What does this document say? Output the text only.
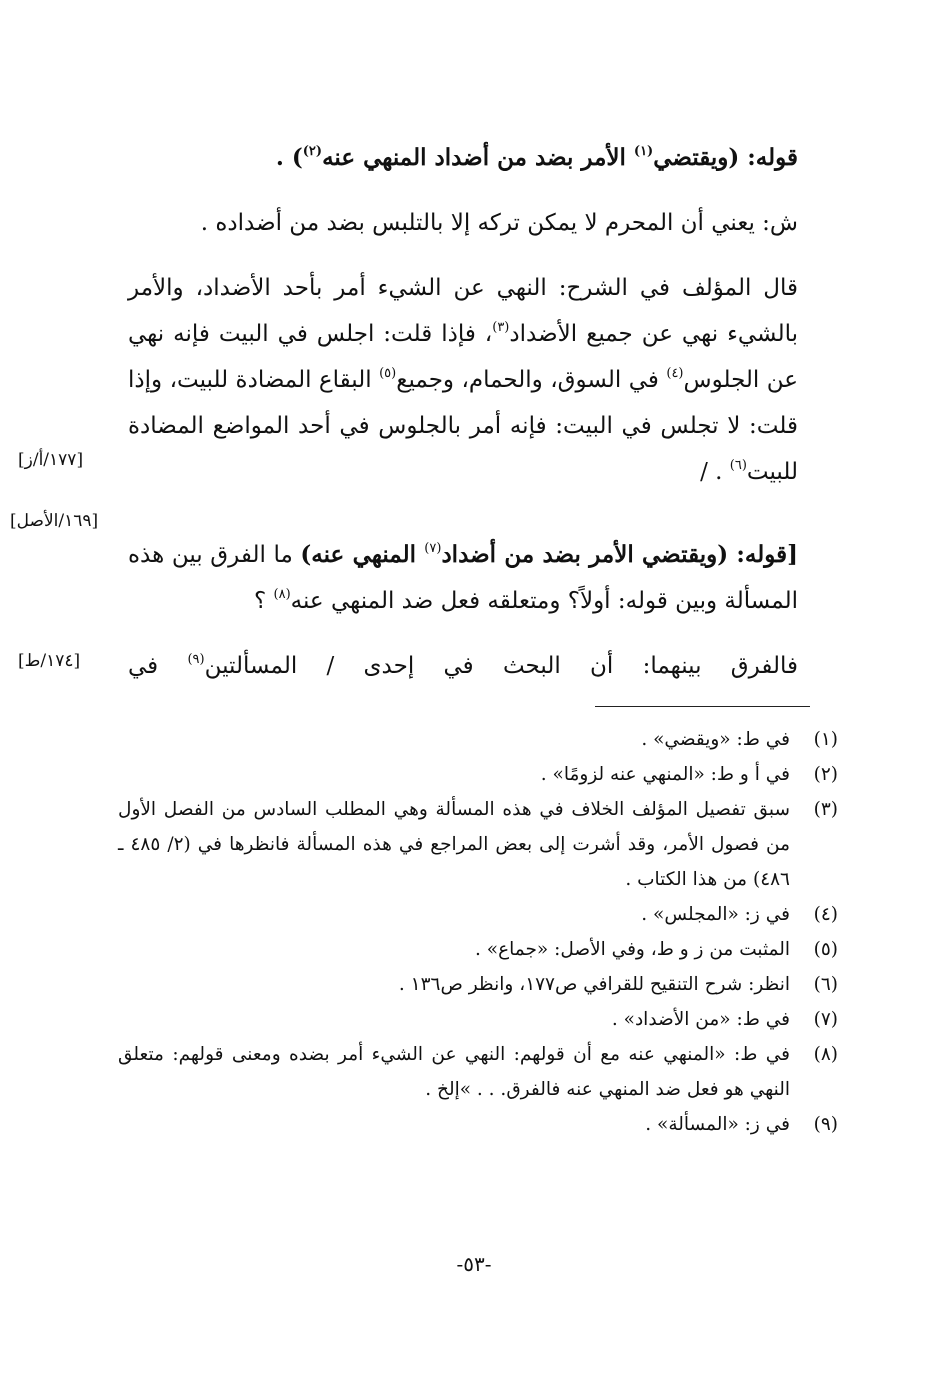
قوله: (ويقتضي$^{(١)}$ الأمر بضد من أضداد المنهي عنه$^{(٢)}$) .
ش: يعني أن المحرم لا يمكن تركه إلا بالتلبس بضد من أضداده .
قال المؤلف في الشرح: النهي عن الشيء أمر بأحد الأضداد، والأمر بالشيء نهي عن جميع الأضداد$^{(٣)}$، فإذا قلت: اجلس في البيت فإنه نهي عن الجلوس$^{(٤)}$ في السوق، والحمام، وجميع$^{(٥)}$ البقاع المضادة للبيت، وإذا قلت: لا تجلس في البيت: فإنه أمر بالجلوس في أحد المواضع المضادة للبيت$^{(٦)}$ . /
[قوله: (ويقتضي الأمر بضد من أضداد$^{(٧)}$ المنهي عنه) ما الفرق بين هذه المسألة وبين قوله: أولاً؟ ومتعلقه فعل ضد المنهي عنه$^{(٨)}$ ؟
فالفرق بينهما: أن البحث في إحدى / المسألتين$^{(٩)}$ في
[١٧٧/أ/ز]
[١٦٩/الأصل]
[١٧٤/ط]
(١)
في ط: «ويقضي» .
(٢)
في أ و ط: «المنهي عنه لزومًا» .
(٣)
سبق تفصيل المؤلف الخلاف في هذه المسألة وهي المطلب السادس من الفصل الأول من فصول الأمر، وقد أشرت إلى بعض المراجع في هذه المسألة فانظرها في (٢/ ٤٨٥ ـ ٤٨٦) من هذا الكتاب .
(٤)
في ز: «المجلس» .
(٥)
المثبت من ز و ط، وفي الأصل: «جماع» .
(٦)
انظر: شرح التنقيح للقرافي ص١٧٧، وانظر ص١٣٦ .
(٧)
في ط: «من الأضداد» .
(٨)
في ط: «المنهي عنه مع أن قولهم: النهي عن الشيء أمر بضده ومعنى قولهم: متعلق النهي هو فعل ضد المنهي عنه فالفرق. . . »إلخ .
(٩)
في ز: «المسألة» .
-٥٣-
